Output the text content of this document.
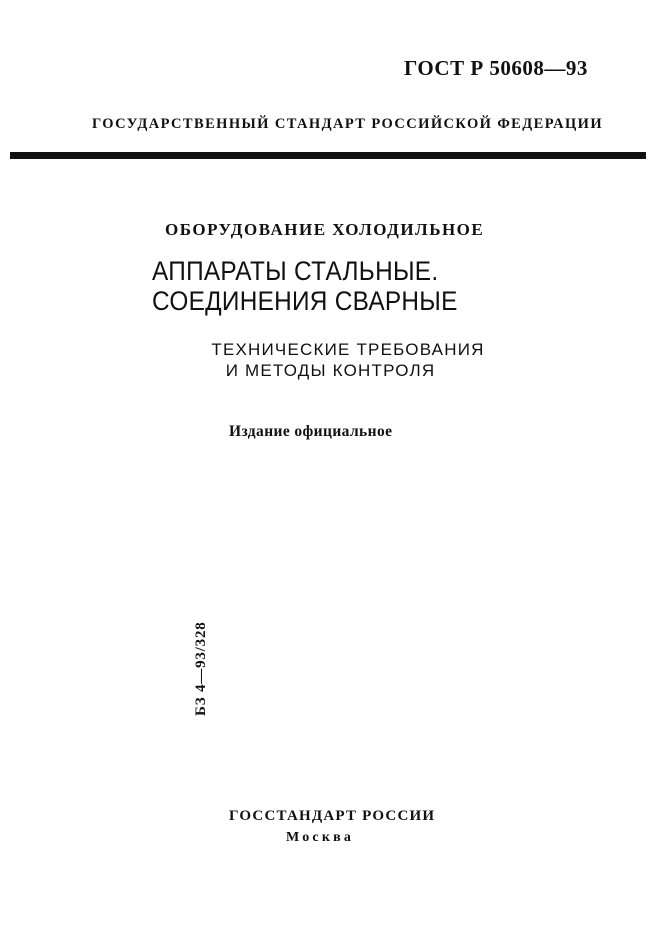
ГОСТ Р 50608—93
ГОСУДАРСТВЕННЫЙ СТАНДАРТ РОССИЙСКОЙ ФЕДЕРАЦИИ
ОБОРУДОВАНИЕ ХОЛОДИЛЬНОЕ
АППАРАТЫ СТАЛЬНЫЕ.
СОЕДИНЕНИЯ СВАРНЫЕ
ТЕХНИЧЕСКИЕ ТРЕБОВАНИЯ
И МЕТОДЫ КОНТРОЛЯ
Издание официальное
БЗ 4—93/328
ГОССТАНДАРТ РОССИИ
Москва
